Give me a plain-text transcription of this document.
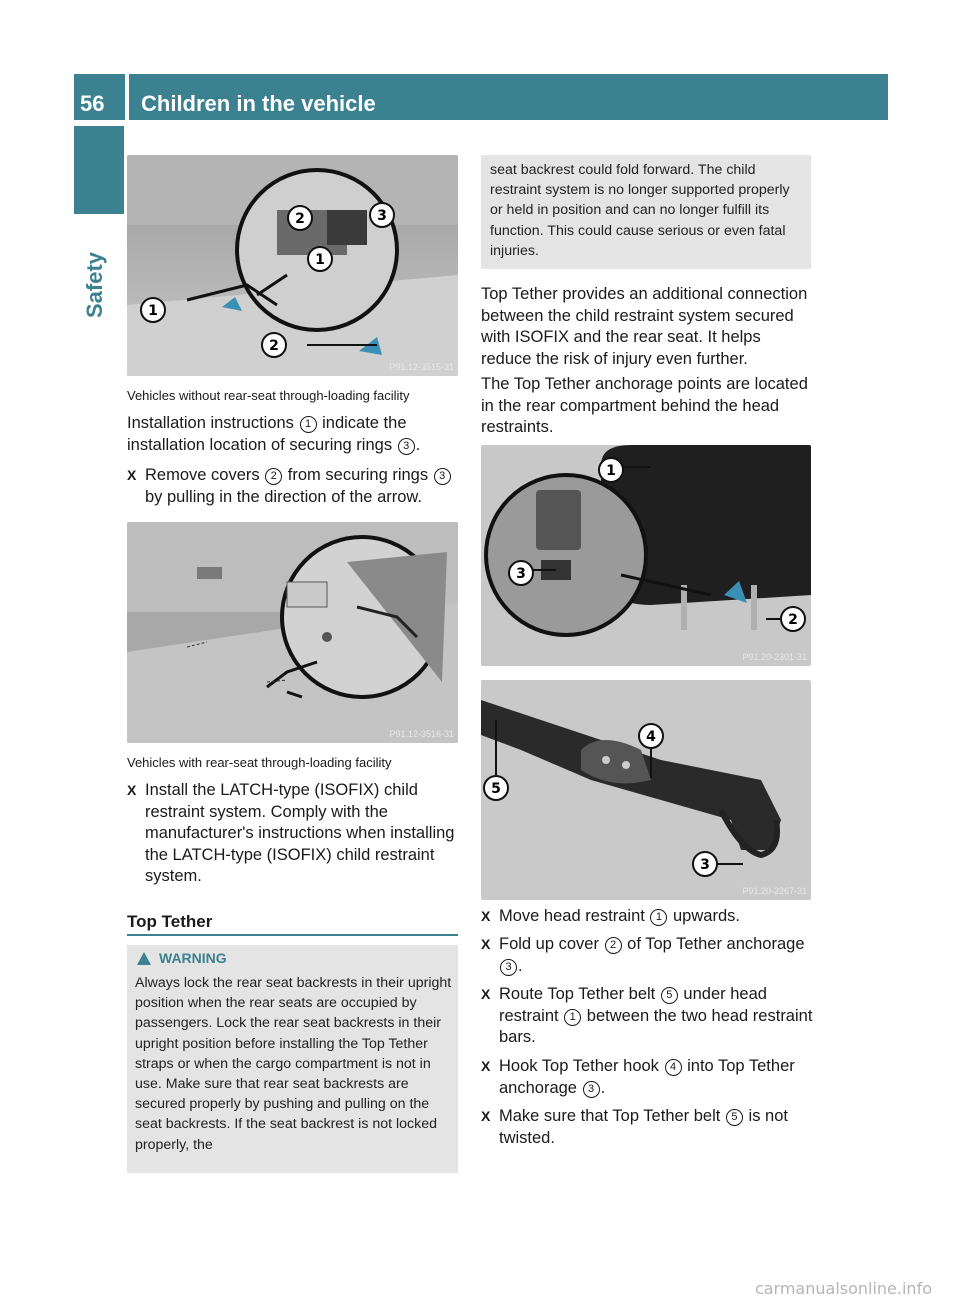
56	Children in the vehicle
Safety
2	3
1
1
2
P91.12-3515-31
Vehicles without rear-seat through-loading facility
Installation instructions 1 indicate the installation location of securing rings 3 .
X Remove covers 2 from securing rings 3 by pulling in the direction of the arrow.
P91.12-3516-31
Vehicles with rear-seat through-loading facility
X Install the LATCH-type (ISOFIX) child restraint system. Comply with the manufacturer's instructions when installing the LATCH-type (ISOFIX) child restraint system.
Top Tether
WARNING
Always lock the rear seat backrests in their upright position when the rear seats are occupied by passengers. Lock the rear seat backrests in their upright position before installing the Top Tether straps or when the cargo compartment is not in use. Make sure that rear seat backrests are secured properly by pushing and pulling on the seat backrests. If the seat backrest is not locked properly, the
seat backrest could fold forward. The child restraint system is no longer supported properly or held in position and can no longer fulfill its function. This could cause serious or even fatal injuries.
Top Tether provides an additional connection between the child restraint system secured with ISOFIX and the rear seat. It helps reduce the risk of injury even further.
The Top Tether anchorage points are located in the rear compartment behind the head restraints.
1
3
2
P91.20-2301-31
4
5
3
P91.20-2267-31
X Move head restraint 1 upwards.
X Fold up cover 2 of Top Tether anchorage 3 .
X Route Top Tether belt 5 under head restraint 1 between the two head restraint bars.
X Hook Top Tether hook 4 into Top Tether anchorage 3 .
X Make sure that Top Tether belt 5 is not twisted.
carmanualsonline.info
